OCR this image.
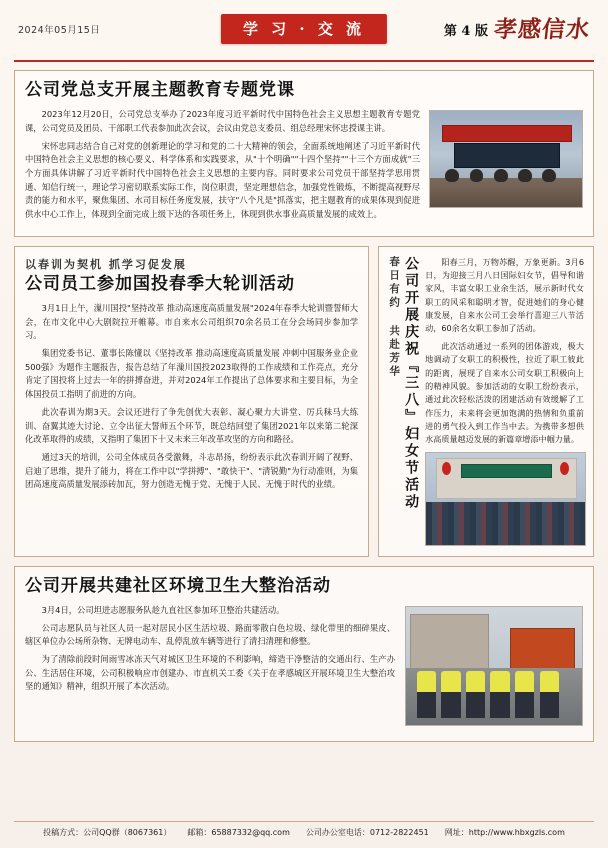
2024年05月15日	学 习 · 交 流	第 4 版 孝感信水
公司党总支开展主题教育专题党课

2023年12月20日，公司党总支举办了2023年度习近平新时代中国特色社会主义思想主题教育专题党课，公司党员及团员、干部职工代表参加此次会议，会议由党总支委员、组总经理宋怀忠授课主讲。

宋怀忠同志结合自己对党的创新理论的学习和党的二十大精神的领会，全面系统地阐述了习近平新时代中国特色社会主义思想的核心要义、科学体系和实践要求，从"十个明确""十四个坚持""十三个方面成就"三个方面具体讲解了习近平新时代中国特色社会主义思想的主要内容。同时要求公司党员干部坚持学思用贯通、知信行统一，理论学习密切联系实际工作，岗位职责，坚定理想信念，加强党性锻炼，不断提高视野尽责的能力和水平，聚焦集团、水司目标任务度发展，扶守"八个凡是"抓落实，把主题教育的成果体现到促进供水中心工作上，体现到全面完成上级下达的各项任务上，体现到供水事业高质量发展的成效上。

以春训为契机 抓学习促发展
公司员工参加国投春季大轮训活动

3月1日上午，漅川国投"坚持改革 推动高速度高质量发展"2024年春季大轮训暨誓师大会，在市文化中心大剧院拉开帷幕。市自来水公司组织70余名员工在分会场同步参加学习。

集团党委书记、董事长陈懂以《坚持改革 推动高速度高质量发展 冲刺中国服务业企业500强》为题作主题报告，报告总结了年漅川国投2023取得的工作成绩和工作亮点，充分肯定了国投将上过去一年的拼搏奋进，并对2024年工作提出了总体要求和主要目标，为全体国投员工指明了前进的方向。

此次春训为期3天。会议还进行了争先创优大表彰、凝心聚力大讲堂、厉兵秣马大练训、奋翼其迹大讨论、立令出征大誓师五个环节，既总结回望了集团2021年以来第二轮深化改革取得的成绩，又指明了集团下十又未来三年改革攻坚的方向和路径。

通过3天的培训，公司全体成员各受激舞，斗志昂扬，纷纷表示此次春训开阔了视野、启迪了思维，提升了能力，将在工作中以"学拼搏"、"敢快干"、"清锐勤"为行动准则，为集团高速度高质量发展添砖加瓦，努力创造无愧于党、无愧于人民、无愧于时代的业绩。	公司开展庆祝『三八』妇女节活动
春日有约 共赴芳华	阳春三月，万物苏醒，万象更新。3月6日，为迎接三月八日国际妇女节，倡导和谐家风，丰富女职工业余生活，展示新时代女职工的风采和聪明才智，促进她们的身心健康发展，自来水公司工会举行喜迎三八节活动，60余名女职工参加了活动。

此次活动通过一系列的团体游戏，极大地调动了女职工的积极性，拉近了职工彼此的距离，展现了自来水公司女职工积极向上的精神风貌。参加活动的女职工纷纷表示，通过此次轻松活泼的团建活动有效缓解了工作压力，未来将会更加饱满的热情和负重前进的勇气投入到工作当中去。为携带多想供水高质量越迈发展的新篇章增添中帼力量。

公司开展共建社区环境卫生大整治活动

3月4日，公司坦进志愿服务队趁九直社区参加环卫整治共建活动。

公司志愿队员与社区人员一起对居民小区生活垃圾、路面零散白色垃圾、绿化带里的细碎果皮、辖区单位办公场所杂物、无牌电动车、乱停乱放车辆等进行了清扫清理和修整。

为了清除前段时间雨雪冰冻天气对城区卫生环境的不利影响，缔造干净整洁的交通出行、生产办公、生活居住环境，公司积极响应市创建办、市直机关工委《关于在孝感城区开展环境卫生大整治攻坚的通知》精神，组织开展了本次活动。

投稿方式：公司QQ群（8067361） 邮箱：65887332@qq.com 公司办公室电话：0712-2822451 网址：http://www.hbxgzls.com
